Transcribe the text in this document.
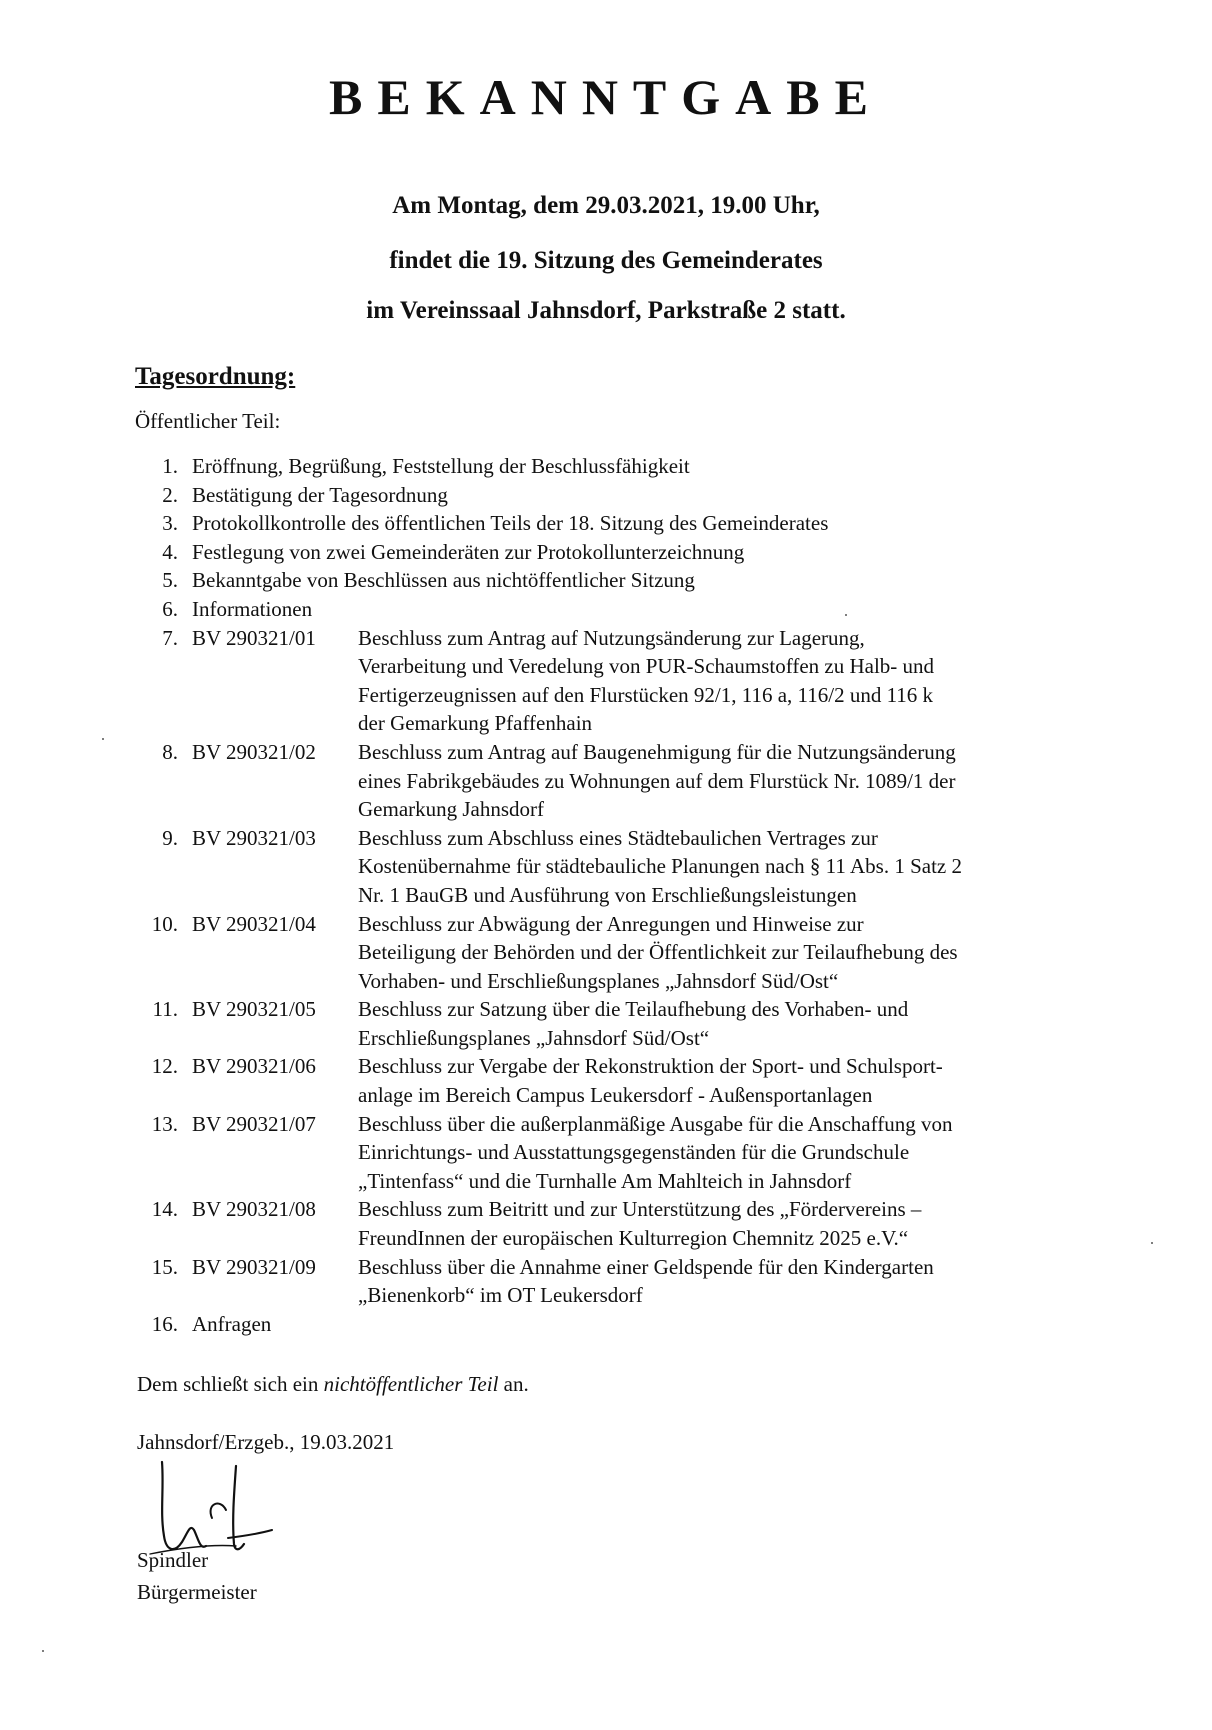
BEKANNTGABE
Am Montag, dem 29.03.2021, 19.00 Uhr,
findet die 19. Sitzung des Gemeinderates
im Vereinssaal Jahnsdorf, Parkstraße 2 statt.
Tagesordnung:
Öffentlicher Teil:
1. Eröffnung, Begrüßung, Feststellung der Beschlussfähigkeit
2. Bestätigung der Tagesordnung
3. Protokollkontrolle des öffentlichen Teils der 18. Sitzung des Gemeinderates
4. Festlegung von zwei Gemeinderäten zur Protokollunterzeichnung
5. Bekanntgabe von Beschlüssen aus nichtöffentlicher Sitzung
6. Informationen
7. BV 290321/01	Beschluss zum Antrag auf Nutzungsänderung zur Lagerung,
Verarbeitung und Veredelung von PUR-Schaumstoffen zu Halb- und
Fertigerzeugnissen auf den Flurstücken 92/1, 116 a, 116/2 und 116 k
der Gemarkung Pfaffenhain
8. BV 290321/02	Beschluss zum Antrag auf Baugenehmigung für die Nutzungsänderung
eines Fabrikgebäudes zu Wohnungen auf dem Flurstück Nr. 1089/1 der
Gemarkung Jahnsdorf
9. BV 290321/03	Beschluss zum Abschluss eines Städtebaulichen Vertrages zur
Kostenübernahme für städtebauliche Planungen nach § 11 Abs. 1 Satz 2
Nr. 1 BauGB und Ausführung von Erschließungsleistungen
10. BV 290321/04	Beschluss zur Abwägung der Anregungen und Hinweise zur
Beteiligung der Behörden und der Öffentlichkeit zur Teilaufhebung des
Vorhaben- und Erschließungsplanes „Jahnsdorf Süd/Ost“
11. BV 290321/05	Beschluss zur Satzung über die Teilaufhebung des Vorhaben- und
Erschließungsplanes „Jahnsdorf Süd/Ost“
12. BV 290321/06	Beschluss zur Vergabe der Rekonstruktion der Sport- und Schulsport-
anlage im Bereich Campus Leukersdorf - Außensportanlagen
13. BV 290321/07	Beschluss über die außerplanmäßige Ausgabe für die Anschaffung von
Einrichtungs- und Ausstattungsgegenständen für die Grundschule
„Tintenfass“ und die Turnhalle Am Mahlteich in Jahnsdorf
14. BV 290321/08	Beschluss zum Beitritt und zur Unterstützung des „Fördervereins –
FreundInnen der europäischen Kulturregion Chemnitz 2025 e.V.“
15. BV 290321/09	Beschluss über die Annahme einer Geldspende für den Kindergarten
„Bienenkorb“ im OT Leukersdorf
16. Anfragen
Dem schließt sich ein nichtöffentlicher Teil an.
Jahnsdorf/Erzgeb., 19.03.2021
Spindler
Bürgermeister
